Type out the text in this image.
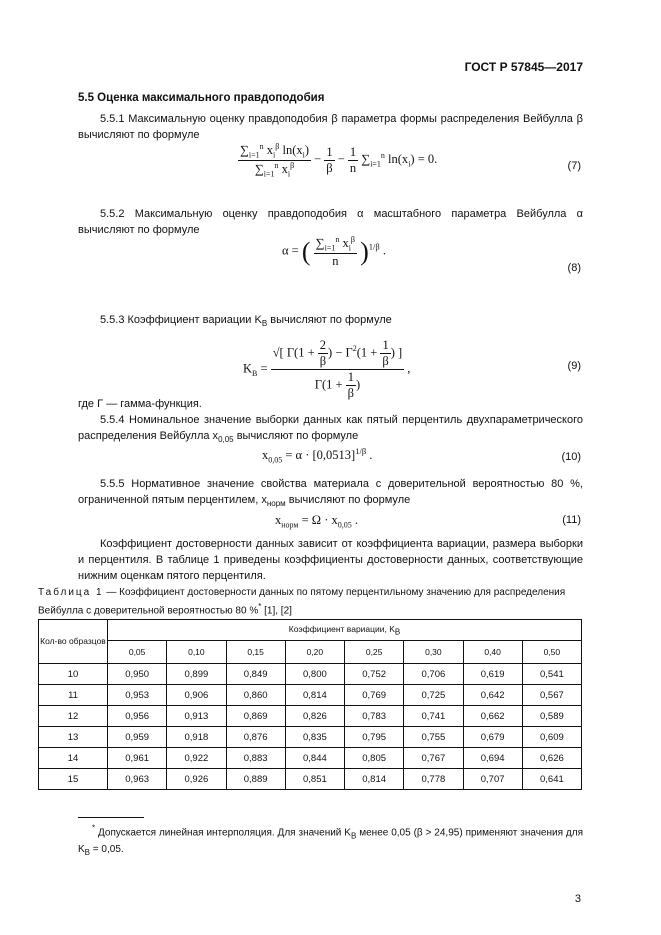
ГОСТ Р 57845—2017
5.5 Оценка максимального правдоподобия
5.5.1 Максимальную оценку правдоподобия β параметра формы распределения Вейбулла β вычисляют по формуле
$\frac{\sum_{i=1}^n x_i^\beta \ln(x_i)}{\sum_{i=1}^n x_i^\beta} - \frac{1}{\beta} - \frac{1}{n} \sum_{i=1}^n$ $\ln(x_i) = 0$.	(7)
5.5.2 Максимальную оценку правдоподобия α масштабного параметра Вейбулла α вычисляют по формуле
α = ( $\frac{\sum_{i=1}^n x_i^\beta}{n} )^{1/\beta}$ .
(8)
5.5.3 Коэффициент вариации $K_B$ вычисляют по формуле
$K_B = \frac{√[ \Gamma(1 + \frac{2}{\beta} ) - \Gamma^2(1 + \frac{1}{\beta} ) ]}{\Gamma(1 + \frac{1}{\beta} )}$ ,	(9)
где Γ — гамма-функция.
5.5.4 Номинальное значение выборки данных как пятый перцентиль двухпараметрического распределения Вейбулла $x_{0,05}$ вычисляют по формуле
$x_{0,05} = \alpha \cdot [0,0513]^{1/\beta}$ .	(10)
5.5.5 Нормативное значение свойства материала с доверительной вероятностью 80 %, ограниченной пятым перцентилем, $x_{норм}$ вычисляют по формуле
$x_{норм} = \Omega \cdot x_{0,05}$ .	(11)
Коэффициент достоверности данных зависит от коэффициента вариации, размера выборки и перцентиля. В таблице 1 приведены коэффициенты достоверности данных, соответствующие нижним оценкам пятого перцентиля.
Таблица 1 — Коэффициент достоверности данных по пятому перцентильному значению для распределения Вейбулла с доверительной вероятностью 80 %* [1], [2]
Кол-во образцов	Коэффициент вариации, $K_B$
	0,05	0,10	0,15	0,20	0,25	0,30	0,40	0,50
10	0,950	0,899	0,849	0,800	0,752	0,706	0,619	0,541
11	0,953	0,906	0,860	0,814	0,769	0,725	0,642	0,567
12	0,956	0,913	0,869	0,826	0,783	0,741	0,662	0,589
13	0,959	0,918	0,876	0,835	0,795	0,755	0,679	0,609
14	0,961	0,922	0,883	0,844	0,805	0,767	0,694	0,626
15	0,963	0,926	0,889	0,851	0,814	0,778	0,707	0,641
* Допускается линейная интерполяция. Для значений $K_B$ менее 0,05 (β > 24,95) применяют значения для $K_B = 0,05$.
3
